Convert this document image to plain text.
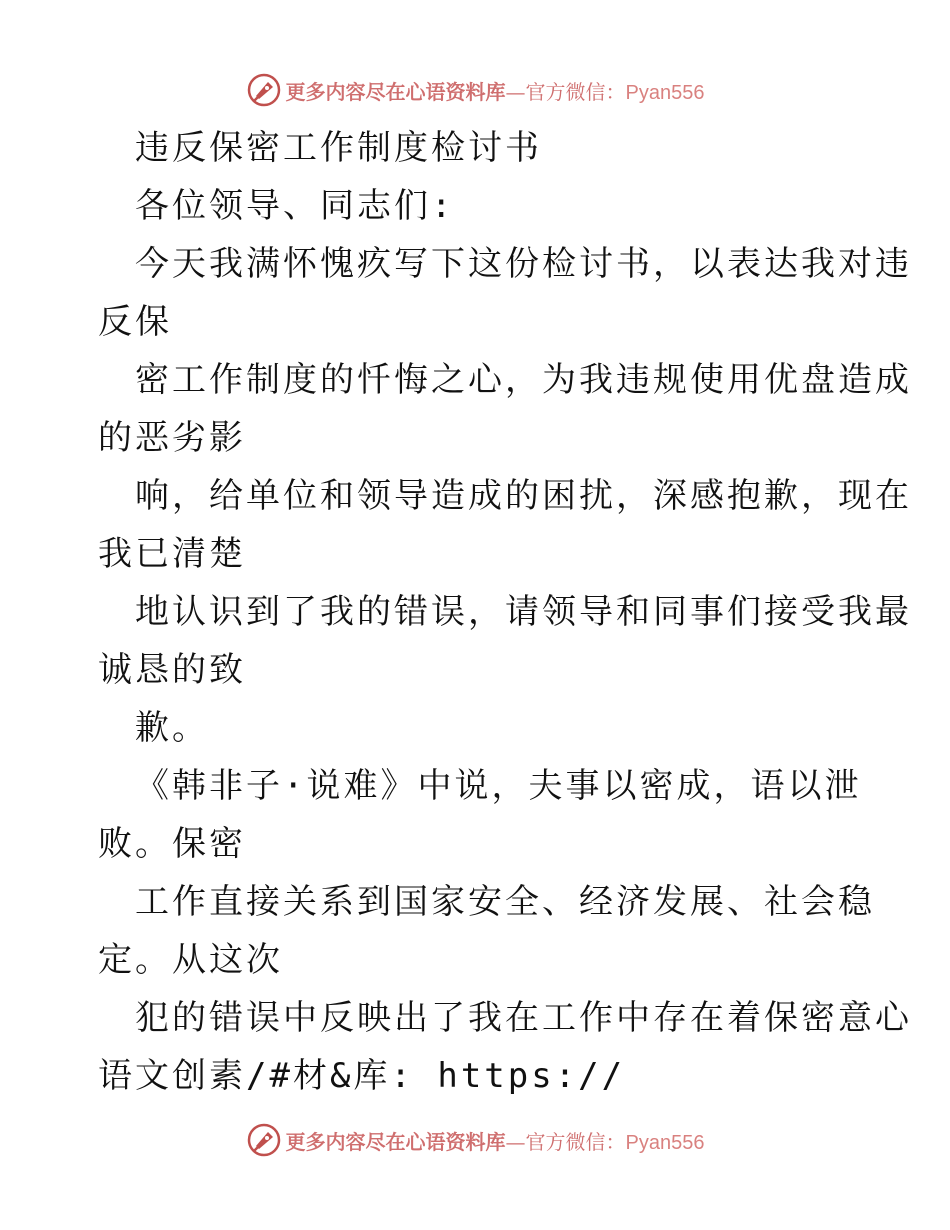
更多内容尽在心语资料库—官方微信：Pyan556
违反保密工作制度检讨书
各位领导、同志们:
今天我满怀愧疚写下这份检讨书，以表达我对违
反保
密工作制度的忏悔之心，为我违规使用优盘造成
的恶劣影
响，给单位和领导造成的困扰，深感抱歉，现在
我已清楚
地认识到了我的错误，请领导和同事们接受我最
诚恳的致
歉。
《韩非子·说难》中说，夫事以密成，语以泄
败。保密
工作直接关系到国家安全、经济发展、社会稳
定。从这次
犯的错误中反映出了我在工作中存在着保密意心
语文创素/#材&库: https://
更多内容尽在心语资料库—官方微信：Pyan556
